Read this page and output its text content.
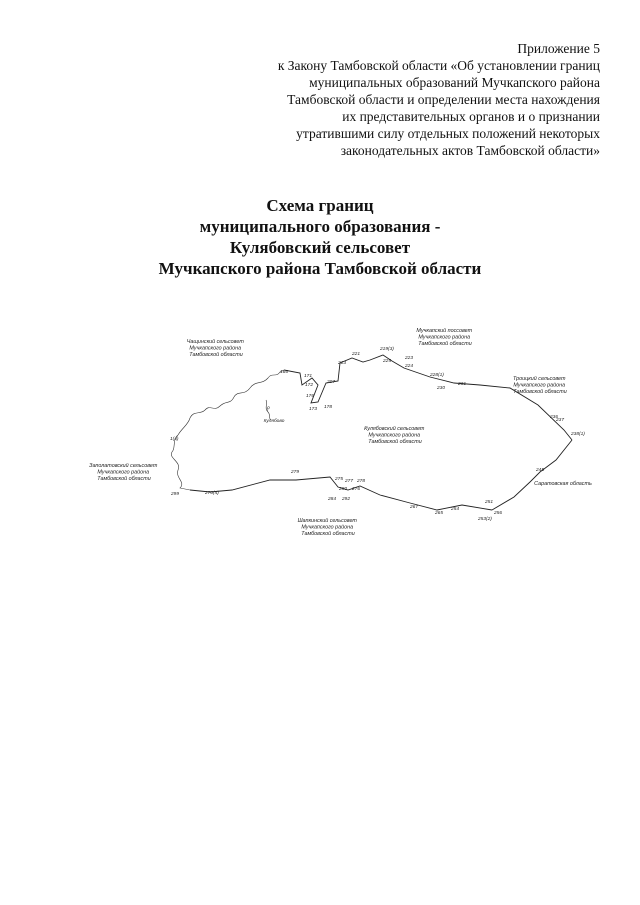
Приложение 5
к Закону Тамбовской области «Об установлении границ
муниципальных образований Мучкапского района
Тамбовской области и определении места нахождения
их представительных органов и о признании
утратившими силу отдельных положений некоторых
законодательных актов Тамбовской области»
Схема границ
муниципального образования -
Кулябовский сельсовет
Мучкапского района Тамбовской области
Чащинский сельсовет Мучкапского района Тамбовской области
Мучкапский поссовет Мучкапского района Тамбовской области
Троицкий сельсовет Мучкапского района Тамбовской области
Кулябовский сельсовет Мучкапского района Тамбовской области
Заполатовский сельсовет Мучкапского района Тамбовской области
Шапкинский сельсовет Мучкапского района Тамбовской области
Саратовская область
⚲
Кулябово
166
171
172
176
173 178
207
213
221
219(3)
223
224
225
228(1)
230
231
236
237
238(1)
245
251
256
253(2)
254
265
267
279
275 277 278
276
280
284 292
270(4)
299
1(4)
